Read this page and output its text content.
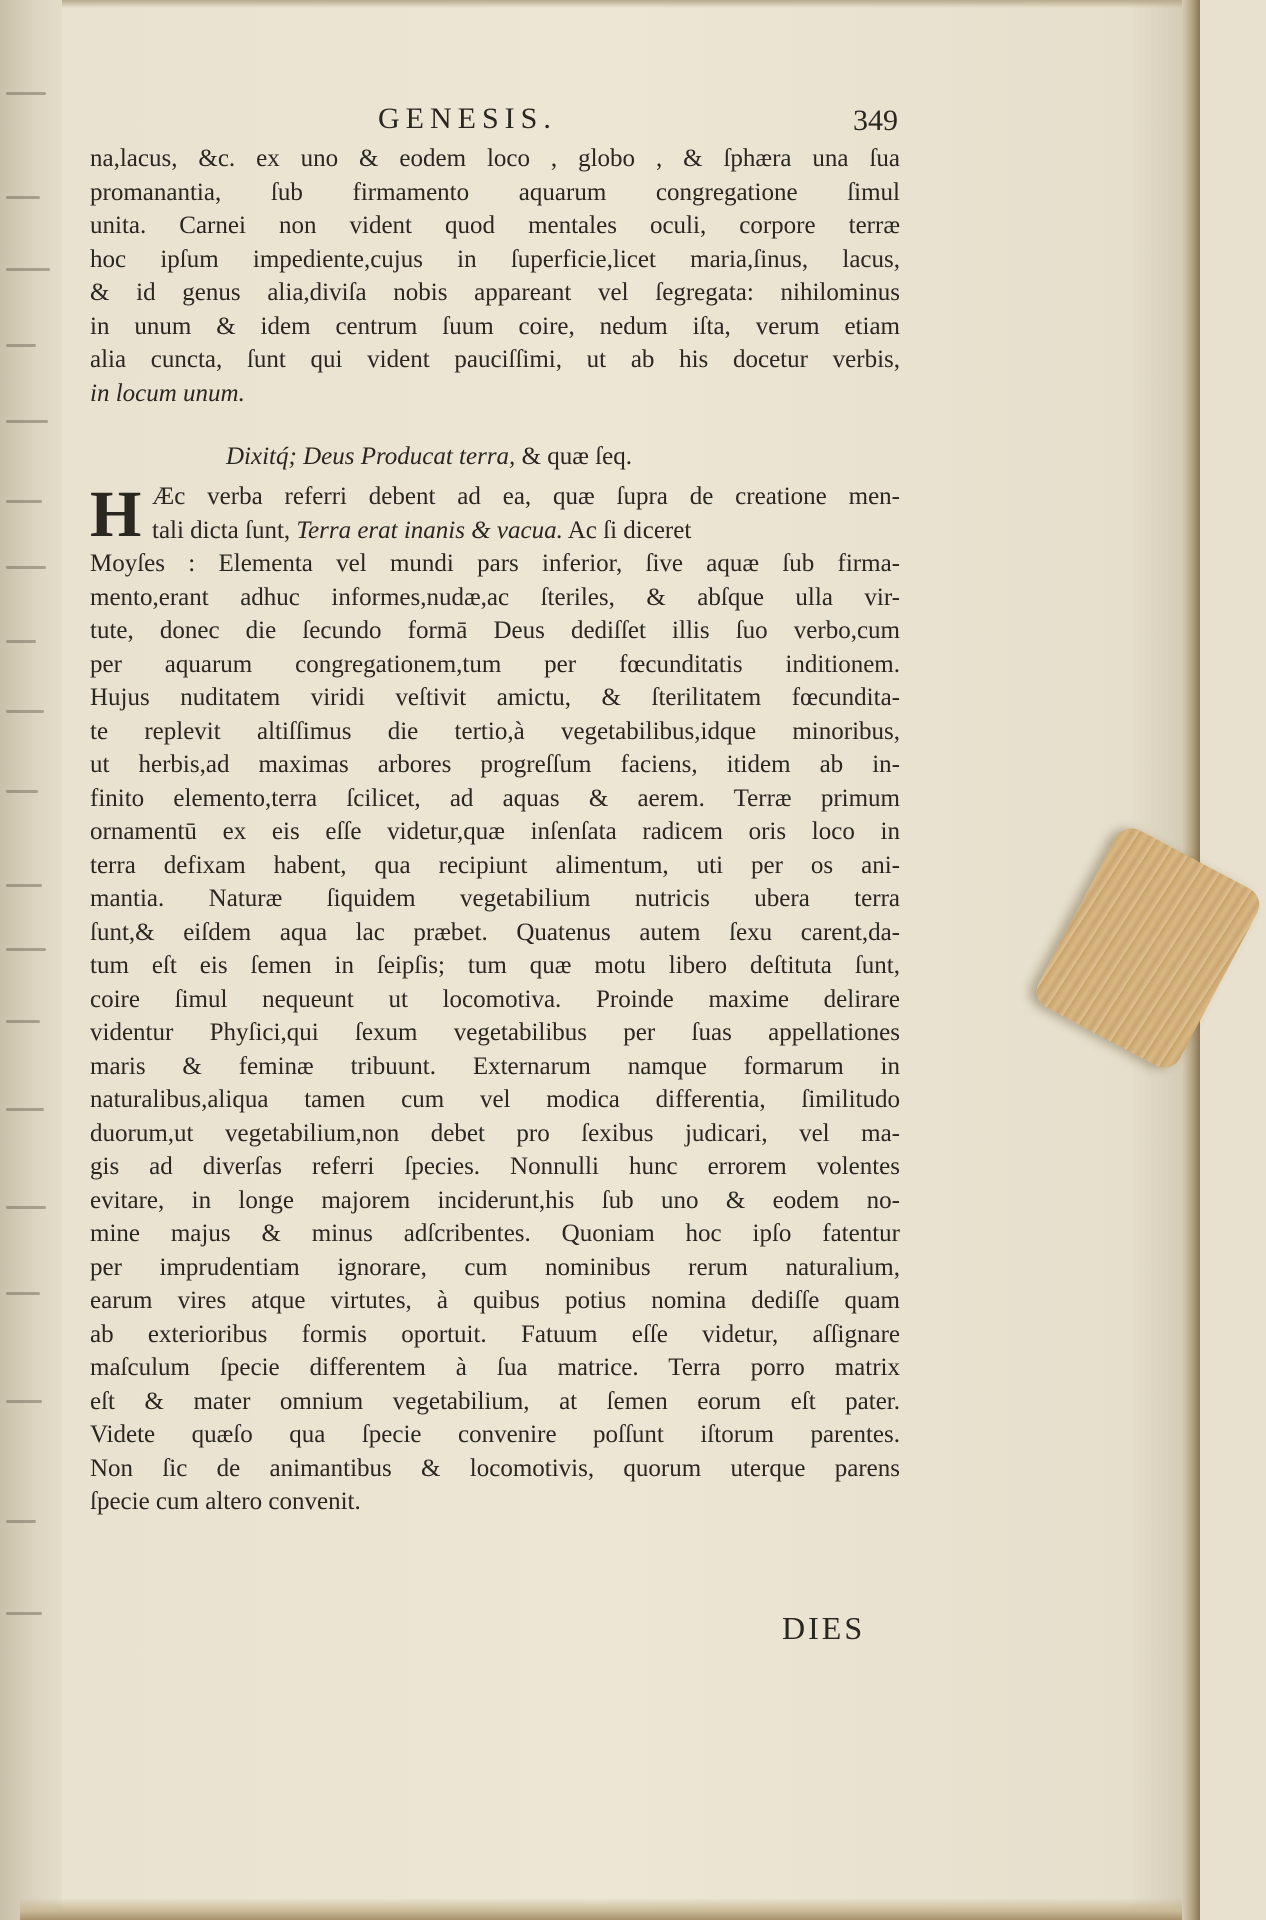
GENESIS.	349
na,lacus, &c. ex uno & eodem loco , globo , & ſphæra una ſua
promanantia, ſub firmamento aquarum congregatione ſimul
unita. Carnei non vident quod mentales oculi, corpore terræ
hoc ipſum impediente,cujus in ſuperficie,licet maria,ſinus, lacus,
& id genus alia,diviſa nobis appareant vel ſegregata: nihilominus
in unum & idem centrum ſuum coire, nedum iſta, verum etiam
alia cuncta, ſunt qui vident pauciſſimi, ut ab his docetur verbis,
in locum unum.
Dixitq́; Deus Producat terra, & quæ ſeq.
H Æc verba referri debent ad ea, quæ ſupra de creatione men-
tali dicta ſunt, Terra erat inanis & vacua. Ac ſi diceret
Moyſes : Elementa vel mundi pars inferior, ſive aquæ ſub firma-
mento,erant adhuc informes,nudæ,ac ſteriles, & abſque ulla vir-
tute, donec die ſecundo formā Deus dediſſet illis ſuo verbo,cum
per aquarum congregationem,tum per fœcunditatis inditionem.
Hujus nuditatem viridi veſtivit amictu, & ſterilitatem fœcundita-
te replevit altiſſimus die tertio,à vegetabilibus,idque minoribus,
ut herbis,ad maximas arbores progreſſum faciens, itidem ab in-
finito elemento,terra ſcilicet, ad aquas & aerem. Terræ primum
ornamentū ex eis eſſe videtur,quæ inſenſata radicem oris loco in
terra defixam habent, qua recipiunt alimentum, uti per os ani-
mantia. Naturæ ſiquidem vegetabilium nutricis ubera terra
ſunt,& eiſdem aqua lac præbet. Quatenus autem ſexu carent,da-
tum eſt eis ſemen in ſeipſis; tum quæ motu libero deſtituta ſunt,
coire ſimul nequeunt ut locomotiva. Proinde maxime delirare
videntur Phyſici,qui ſexum vegetabilibus per ſuas appellationes
maris & feminæ tribuunt. Externarum namque formarum in
naturalibus,aliqua tamen cum vel modica differentia, ſimilitudo
duorum,ut vegetabilium,non debet pro ſexibus judicari, vel ma-
gis ad diverſas referri ſpecies. Nonnulli hunc errorem volentes
evitare, in longe majorem inciderunt,his ſub uno & eodem no-
mine majus & minus adſcribentes. Quoniam hoc ipſo fatentur
per imprudentiam ignorare, cum nominibus rerum naturalium,
earum vires atque virtutes, à quibus potius nomina dediſſe quam
ab exterioribus formis oportuit. Fatuum eſſe videtur, aſſignare
maſculum ſpecie differentem à ſua matrice. Terra porro matrix
eſt & mater omnium vegetabilium, at ſemen eorum eſt pater.
Videte quæſo qua ſpecie convenire poſſunt iſtorum parentes.
Non ſic de animantibus & locomotivis, quorum uterque parens
ſpecie cum altero convenit.
DIES
